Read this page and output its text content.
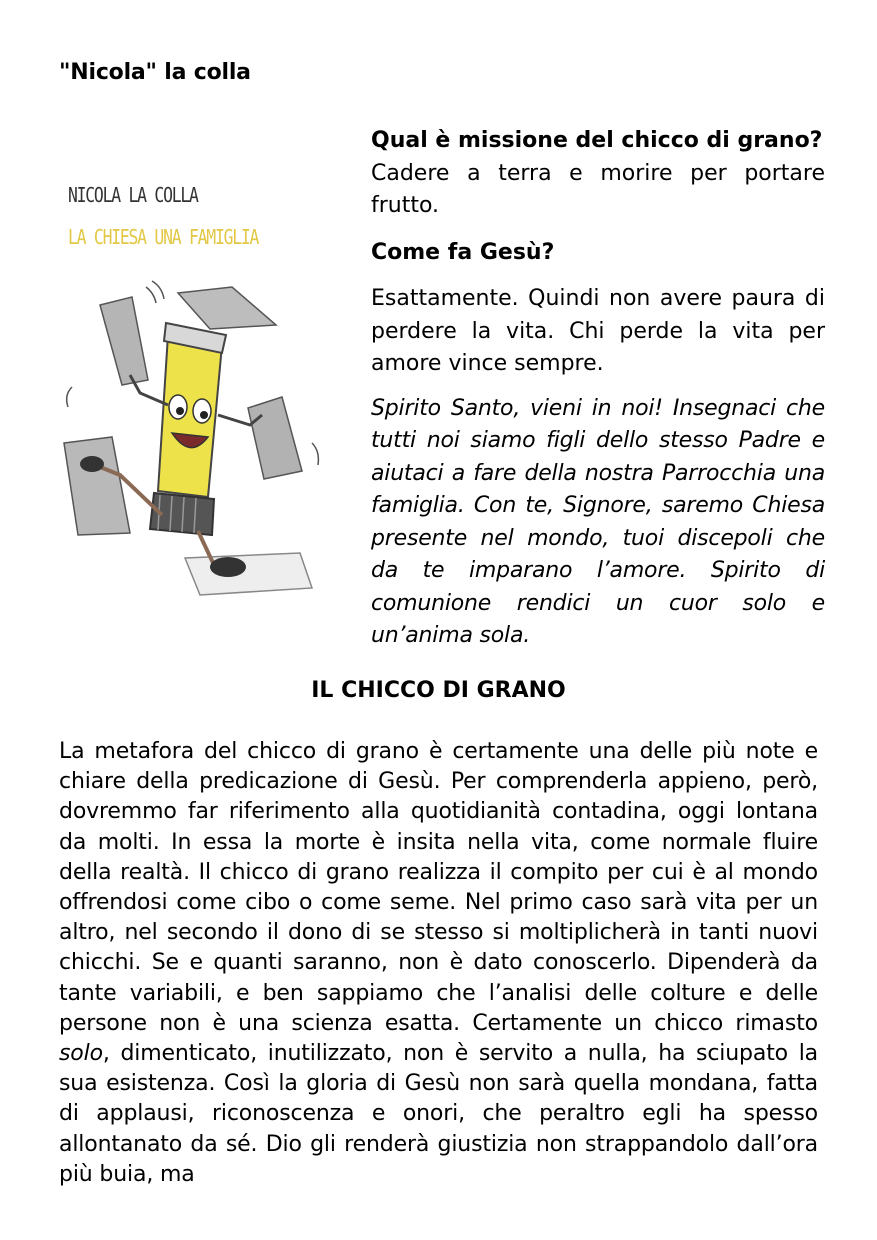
"Nicola" la colla
NICOLA LA COLLA
LA CHIESA UNA FAMIGLIA

Qual è missione del chicco di grano?

Cadere a terra e morire per portare frutto.

Come fa Gesù?

Esattamente. Quindi non avere paura di perdere la vita. Chi perde la vita per amore vince sempre.

Spirito Santo, vieni in noi! Insegnaci che tutti noi siamo figli dello stesso Padre e aiutaci a fare della nostra Parrocchia una famiglia. Con te, Signore, saremo Chiesa presente nel mondo, tuoi discepoli che da te imparano l’amore. Spirito di comunione rendici un cuor solo e un’anima sola.

IL CHICCO DI GRANO

La metafora del chicco di grano è certamente una delle più note e chiare della predicazione di Gesù. Per comprenderla appieno, però, dovremmo far riferimento alla quotidianità contadina, oggi lontana da molti. In essa la morte è insita nella vita, come normale fluire della realtà. Il chicco di grano realizza il compito per cui è al mondo offrendosi come cibo o come seme. Nel primo caso sarà vita per un altro, nel secondo il dono di se stesso si moltiplicherà in tanti nuovi chicchi. Se e quanti saranno, non è dato conoscerlo. Dipenderà da tante variabili, e ben sappiamo che l’analisi delle colture e delle persone non è una scienza esatta. Certamente un chicco rimasto solo, dimenticato, inutilizzato, non è servito a nulla, ha sciupato la sua esistenza. Così la gloria di Gesù non sarà quella mondana, fatta di applausi, riconoscenza e onori, che peraltro egli ha spesso allontanato da sé. Dio gli renderà giustizia non strappandolo dall’ora più buia, ma
